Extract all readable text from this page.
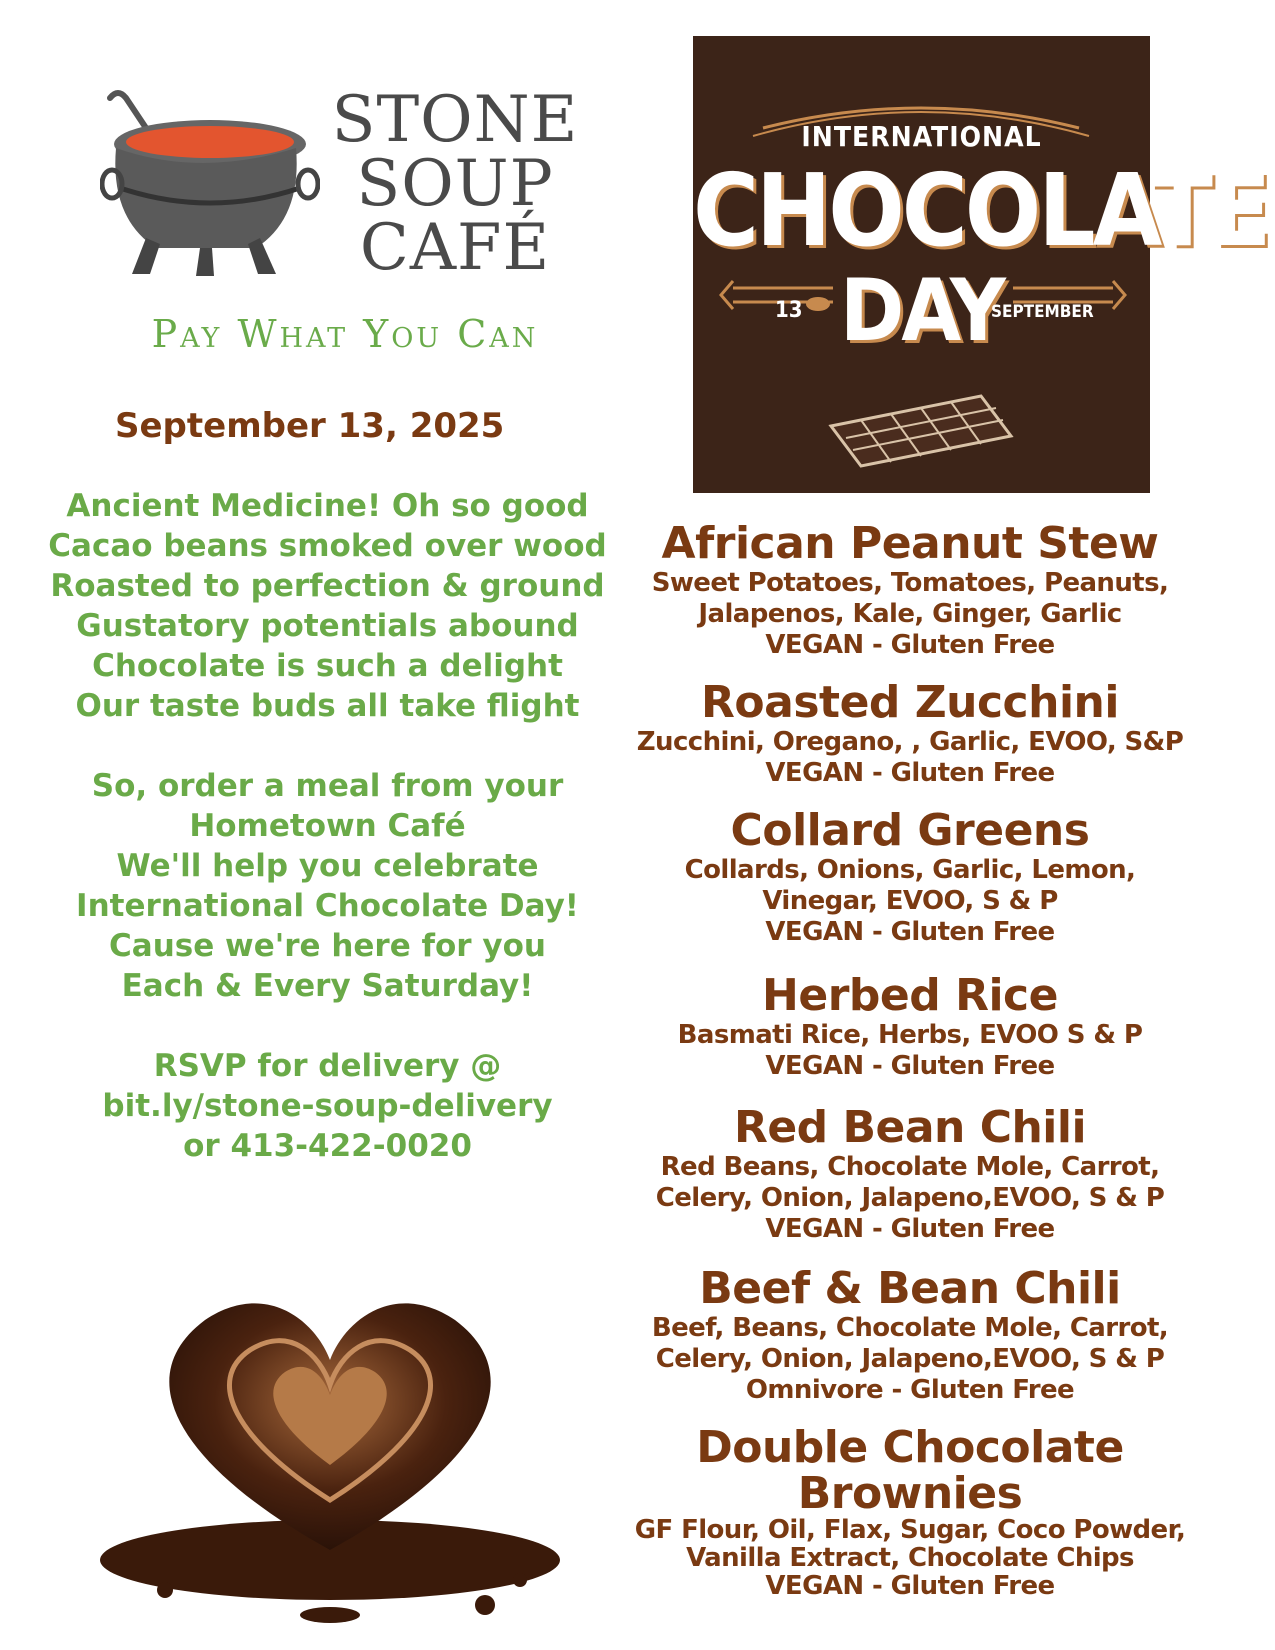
STONE
SOUP
CAFÉ
Pay What You Can
INTERNATIONAL
CHOCOLATE
DAY
13	SEPTEMBER
September 13, 2025
Ancient Medicine! Oh so good
Cacao beans smoked over wood
Roasted to perfection & ground
Gustatory potentials abound
Chocolate is such a delight
Our taste buds all take flight
So, order a meal from your
Hometown Café
We'll help you celebrate
International Chocolate Day!
Cause we're here for you
Each & Every Saturday!
RSVP for delivery @
bit.ly/stone-soup-delivery
or 413-422-0020
African Peanut Stew
Sweet Potatoes, Tomatoes, Peanuts,
Jalapenos, Kale, Ginger, Garlic
VEGAN - Gluten Free
Roasted Zucchini
Zucchini, Oregano, , Garlic, EVOO, S&P
VEGAN - Gluten Free
Collard Greens
Collards, Onions, Garlic, Lemon,
Vinegar, EVOO, S & P
VEGAN - Gluten Free
Herbed Rice
Basmati Rice, Herbs, EVOO S & P
VEGAN - Gluten Free
Red Bean Chili
Red Beans, Chocolate Mole, Carrot,
Celery, Onion, Jalapeno,EVOO, S & P
VEGAN - Gluten Free
Beef & Bean Chili
Beef, Beans, Chocolate Mole, Carrot,
Celery, Onion, Jalapeno,EVOO, S & P
Omnivore - Gluten Free
Double Chocolate
Brownies
GF Flour, Oil, Flax, Sugar, Coco Powder,
Vanilla Extract, Chocolate Chips
VEGAN - Gluten Free
